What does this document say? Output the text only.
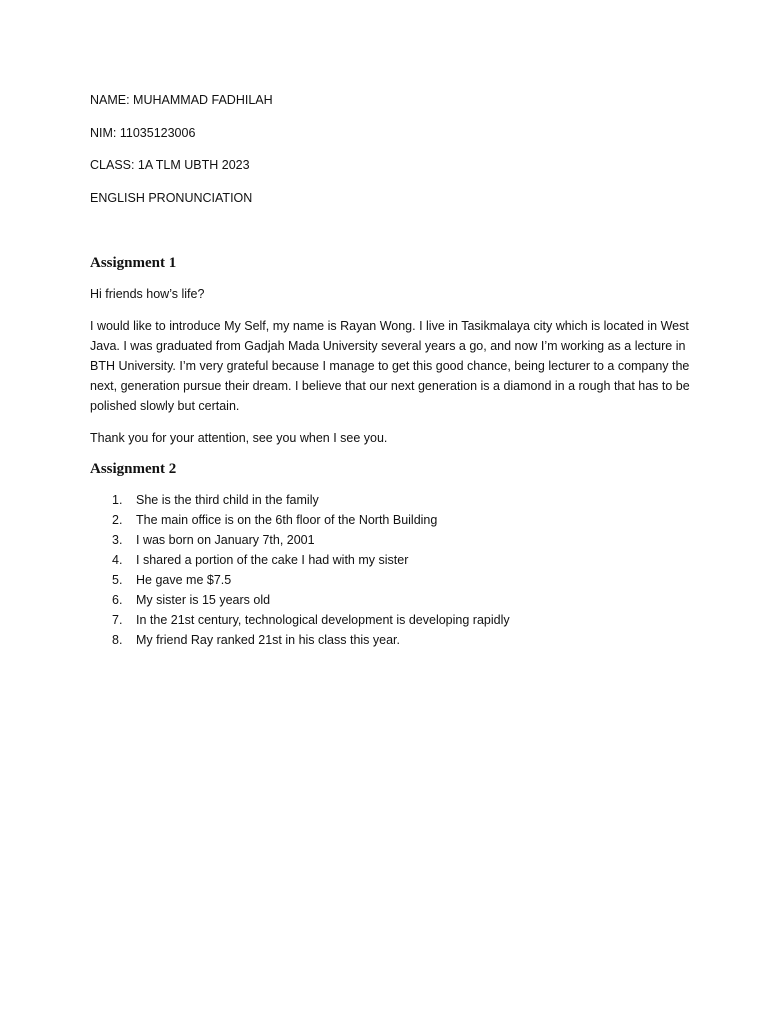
NAME: MUHAMMAD FADHILAH

NIM: 11035123006

CLASS: 1A TLM UBTH 2023

ENGLISH PRONUNCIATION

Assignment 1

Hi friends how’s life?

I would like to introduce My Self, my name is Rayan Wong. I live in Tasikmalaya city which is located in West Java. I was graduated from Gadjah Mada University several years a go, and now I’m working as a lecture in BTH University. I’m very grateful because I manage to get this good chance, being lecturer to a company the next, generation pursue their dream. I believe that our next generation is a diamond in a rough that has to be polished slowly but certain.

Thank you for your attention, see you when I see you.

Assignment 2
1. She is the third child in the family
2. The main office is on the 6th floor of the North Building
3. I was born on January 7th, 2001
4. I shared a portion of the cake I had with my sister
5. He gave me $7.5
6. My sister is 15 years old
7. In the 21st century, technological development is developing rapidly
8. My friend Ray ranked 21st in his class this year.
